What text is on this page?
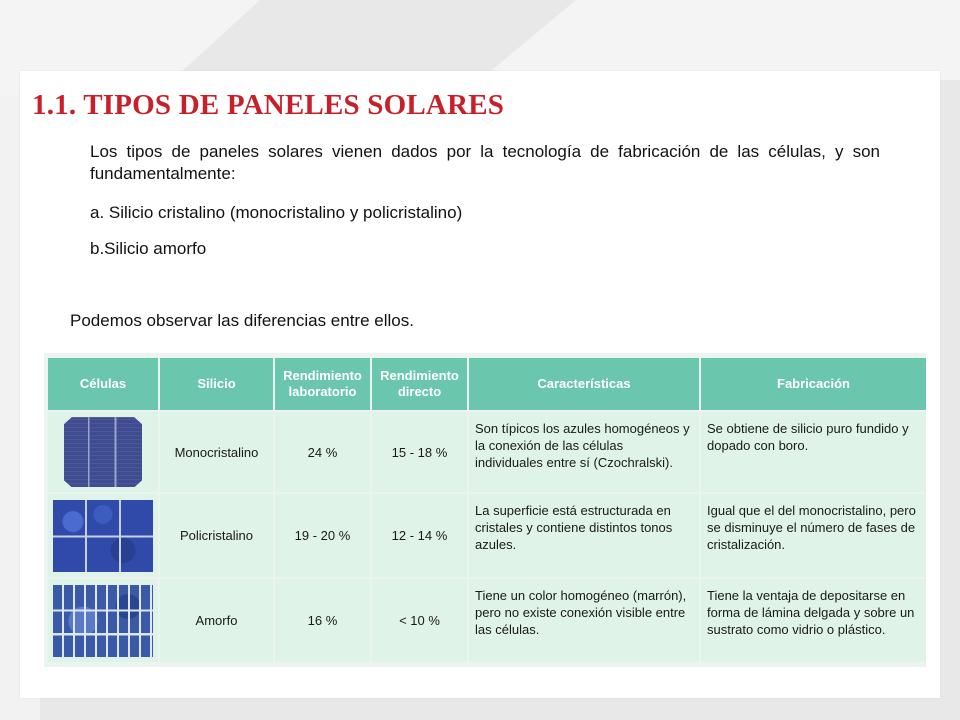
1.1. TIPOS DE PANELES SOLARES

Los tipos de paneles solares vienen dados por la tecnología de fabricación de las células, y son fundamentalmente:

a. Silicio cristalino (monocristalino y policristalino)

b.Silicio amorfo

Podemos observar las diferencias entre ellos.

Células	Silicio	Rendimiento laboratorio	Rendimiento directo	Características	Fabricación
	Monocristalino	24 %	15 - 18 %	Son típicos los azules homogéneos y la conexión de las células individuales entre sí (Czochralski).	Se obtiene de silicio puro fundido y dopado con boro.
	Policristalino	19 - 20 %	12 - 14 %	La superficie está estructurada en cristales y contiene distintos tonos azules.	Igual que el del monocristalino, pero se disminuye el número de fases de cristalización.
	Amorfo	16 %	< 10 %	Tiene un color homogéneo (marrón), pero no existe conexión visible entre las células.	Tiene la ventaja de depositarse en forma de lámina delgada y sobre un sustrato como vidrio o plástico.
